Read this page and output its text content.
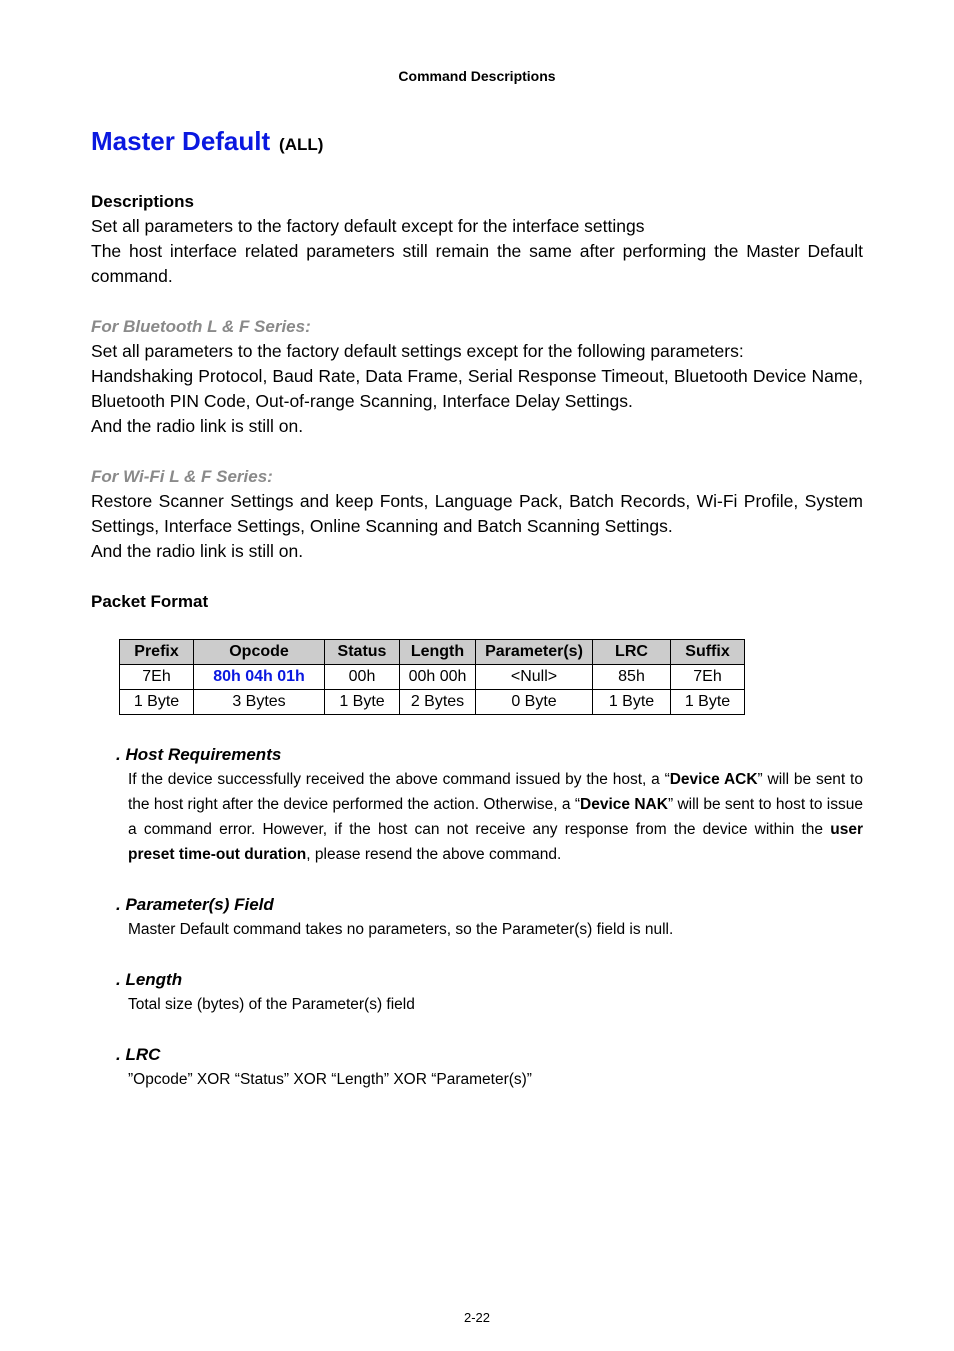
Command Descriptions
Master Default (ALL)
Descriptions
Set all parameters to the factory default except for the interface settings
The host interface related parameters still remain the same after performing the Master Default command.
For Bluetooth L & F Series:
Set all parameters to the factory default settings except for the following parameters:
Handshaking Protocol, Baud Rate, Data Frame, Serial Response Timeout, Bluetooth Device Name, Bluetooth PIN Code, Out-of-range Scanning, Interface Delay Settings.
And the radio link is still on.
For Wi-Fi L & F Series:
Restore Scanner Settings and keep Fonts, Language Pack, Batch Records, Wi-Fi Profile, System Settings, Interface Settings, Online Scanning and Batch Scanning Settings.
And the radio link is still on.
Packet Format
Prefix	Opcode	Status	Length	Parameter(s)	LRC	Suffix
7Eh	80h 04h 01h	00h	00h 00h	<Null>	85h	7Eh
1 Byte	3 Bytes	1 Byte	2 Bytes	0 Byte	1 Byte	1 Byte
. Host Requirements
If the device successfully received the above command issued by the host, a “Device ACK” will be sent to the host right after the device performed the action. Otherwise, a “Device NAK” will be sent to host to issue a command error. However, if the host can not receive any response from the device within the user preset time-out duration, please resend the above command.
. Parameter(s) Field
Master Default command takes no parameters, so the Parameter(s) field is null.
. Length
Total size (bytes) of the Parameter(s) field
. LRC
”Opcode” XOR “Status” XOR “Length” XOR “Parameter(s)”
2-22
